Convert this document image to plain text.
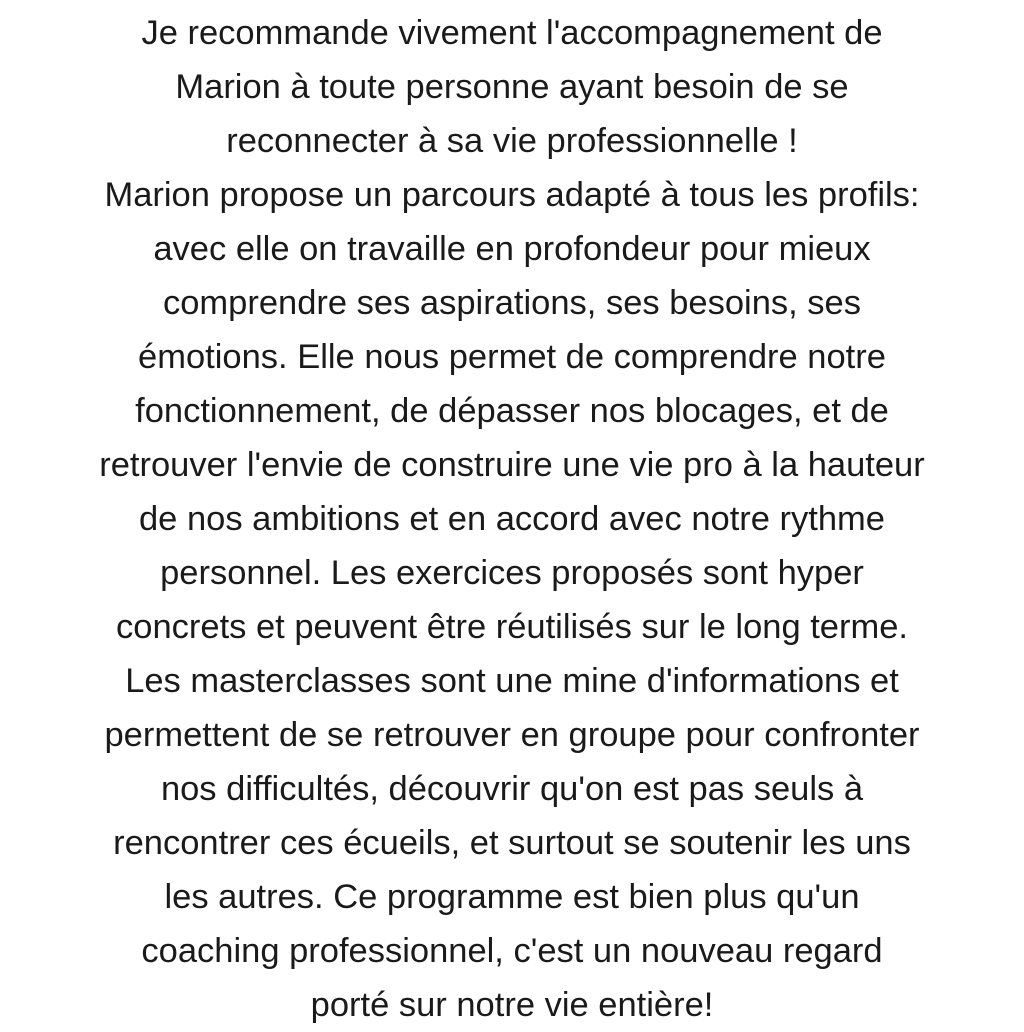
Je recommande vivement l'accompagnement de
Marion à toute personne ayant besoin de se
reconnecter à sa vie professionnelle !
Marion propose un parcours adapté à tous les profils:
avec elle on travaille en profondeur pour mieux
comprendre ses aspirations, ses besoins, ses
émotions. Elle nous permet de comprendre notre
fonctionnement, de dépasser nos blocages, et de
retrouver l'envie de construire une vie pro à la hauteur
de nos ambitions et en accord avec notre rythme
personnel. Les exercices proposés sont hyper
concrets et peuvent être réutilisés sur le long terme.
Les masterclasses sont une mine d'informations et
permettent de se retrouver en groupe pour confronter
nos difficultés, découvrir qu'on est pas seuls à
rencontrer ces écueils, et surtout se soutenir les uns
les autres. Ce programme est bien plus qu'un
coaching professionnel, c'est un nouveau regard
porté sur notre vie entière!
